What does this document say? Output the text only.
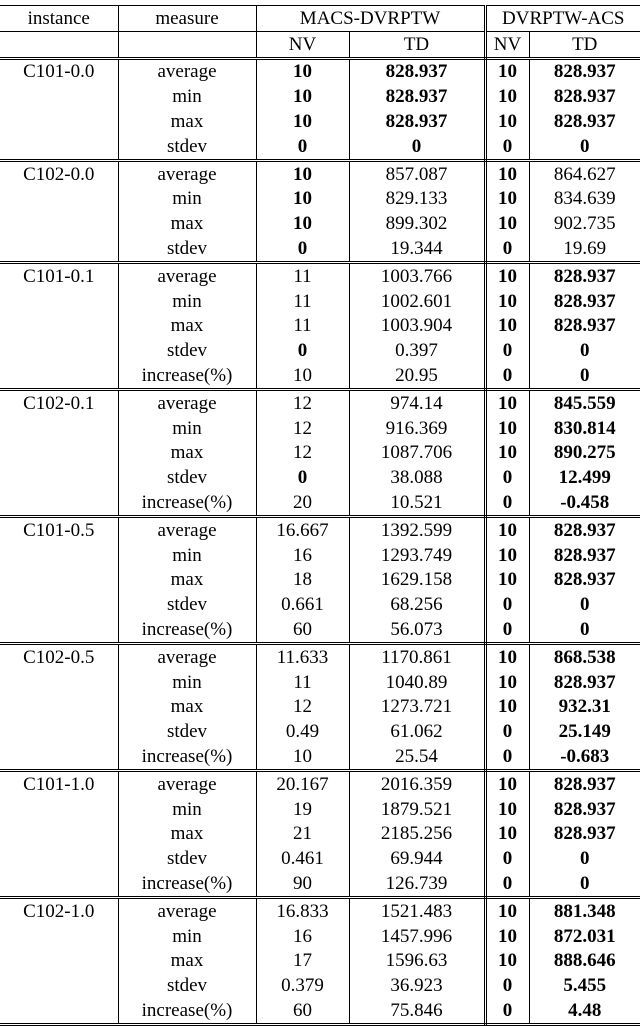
instance	measure	MACS-DVRPTW		DVRPTW-ACS	
		NV	TD	NV	TD
C101-0.0	average	10	828.937	10	828.937
	min	10	828.937	10	828.937
	max	10	828.937	10	828.937
	stdev	0	0	0	0
C102-0.0	average	10	857.087	10	864.627
	min	10	829.133	10	834.639
	max	10	899.302	10	902.735
	stdev	0	19.344	0	19.69
C101-0.1	average	11	1003.766	10	828.937
	min	11	1002.601	10	828.937
	max	11	1003.904	10	828.937
	stdev	0	0.397	0	0
	increase(%)	10	20.95	0	0
C102-0.1	average	12	974.14	10	845.559
	min	12	916.369	10	830.814
	max	12	1087.706	10	890.275
	stdev	0	38.088	0	12.499
	increase(%)	20	10.521	0	-0.458
C101-0.5	average	16.667	1392.599	10	828.937
	min	16	1293.749	10	828.937
	max	18	1629.158	10	828.937
	stdev	0.661	68.256	0	0
	increase(%)	60	56.073	0	0
C102-0.5	average	11.633	1170.861	10	868.538
	min	11	1040.89	10	828.937
	max	12	1273.721	10	932.31
	stdev	0.49	61.062	0	25.149
	increase(%)	10	25.54	0	-0.683
C101-1.0	average	20.167	2016.359	10	828.937
	min	19	1879.521	10	828.937
	max	21	2185.256	10	828.937
	stdev	0.461	69.944	0	0
	increase(%)	90	126.739	0	0
C102-1.0	average	16.833	1521.483	10	881.348
	min	16	1457.996	10	872.031
	max	17	1596.63	10	888.646
	stdev	0.379	36.923	0	5.455
	increase(%)	60	75.846	0	4.48
